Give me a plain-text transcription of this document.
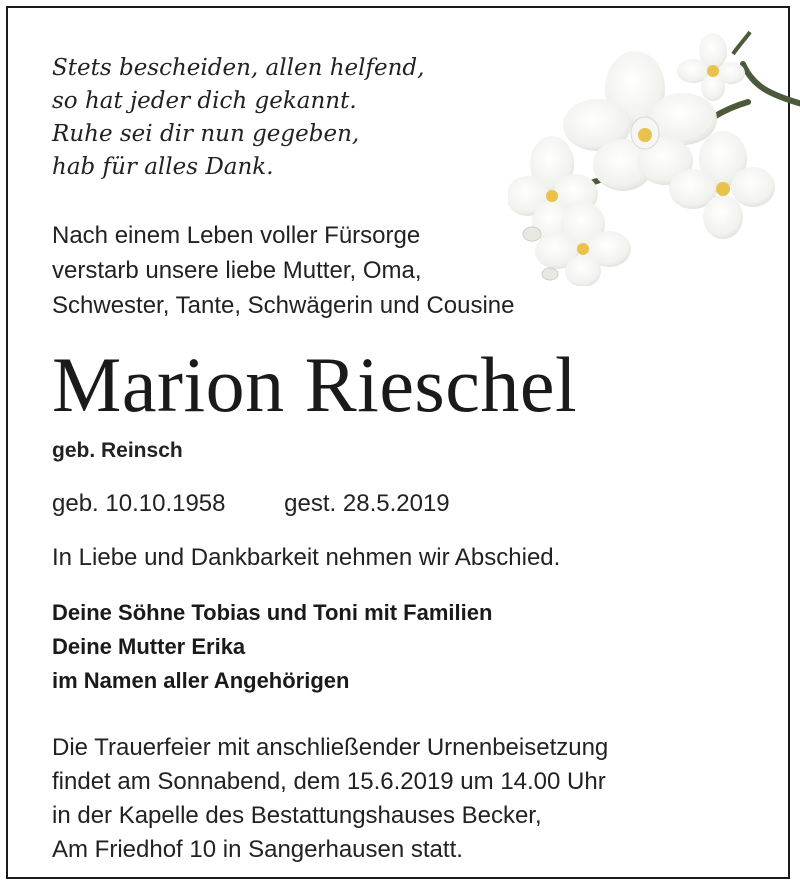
Stets bescheiden, allen helfend,
so hat jeder dich gekannt.
Ruhe sei dir nun gegeben,
hab für alles Dank.
Nach einem Leben voller Fürsorge
verstarb unsere liebe Mutter, Oma,
Schwester, Tante, Schwägerin und Cousine
Marion Rieschel
geb. Reinsch
geb. 10.10.1958 gest. 28.5.2019
In Liebe und Dankbarkeit nehmen wir Abschied.
Deine Söhne Tobias und Toni mit Familien
Deine Mutter Erika
im Namen aller Angehörigen
Die Trauerfeier mit anschließender Urnenbeisetzung
findet am Sonnabend, dem 15.6.2019 um 14.00 Uhr
in der Kapelle des Bestattungshauses Becker,
Am Friedhof 10 in Sangerhausen statt.
